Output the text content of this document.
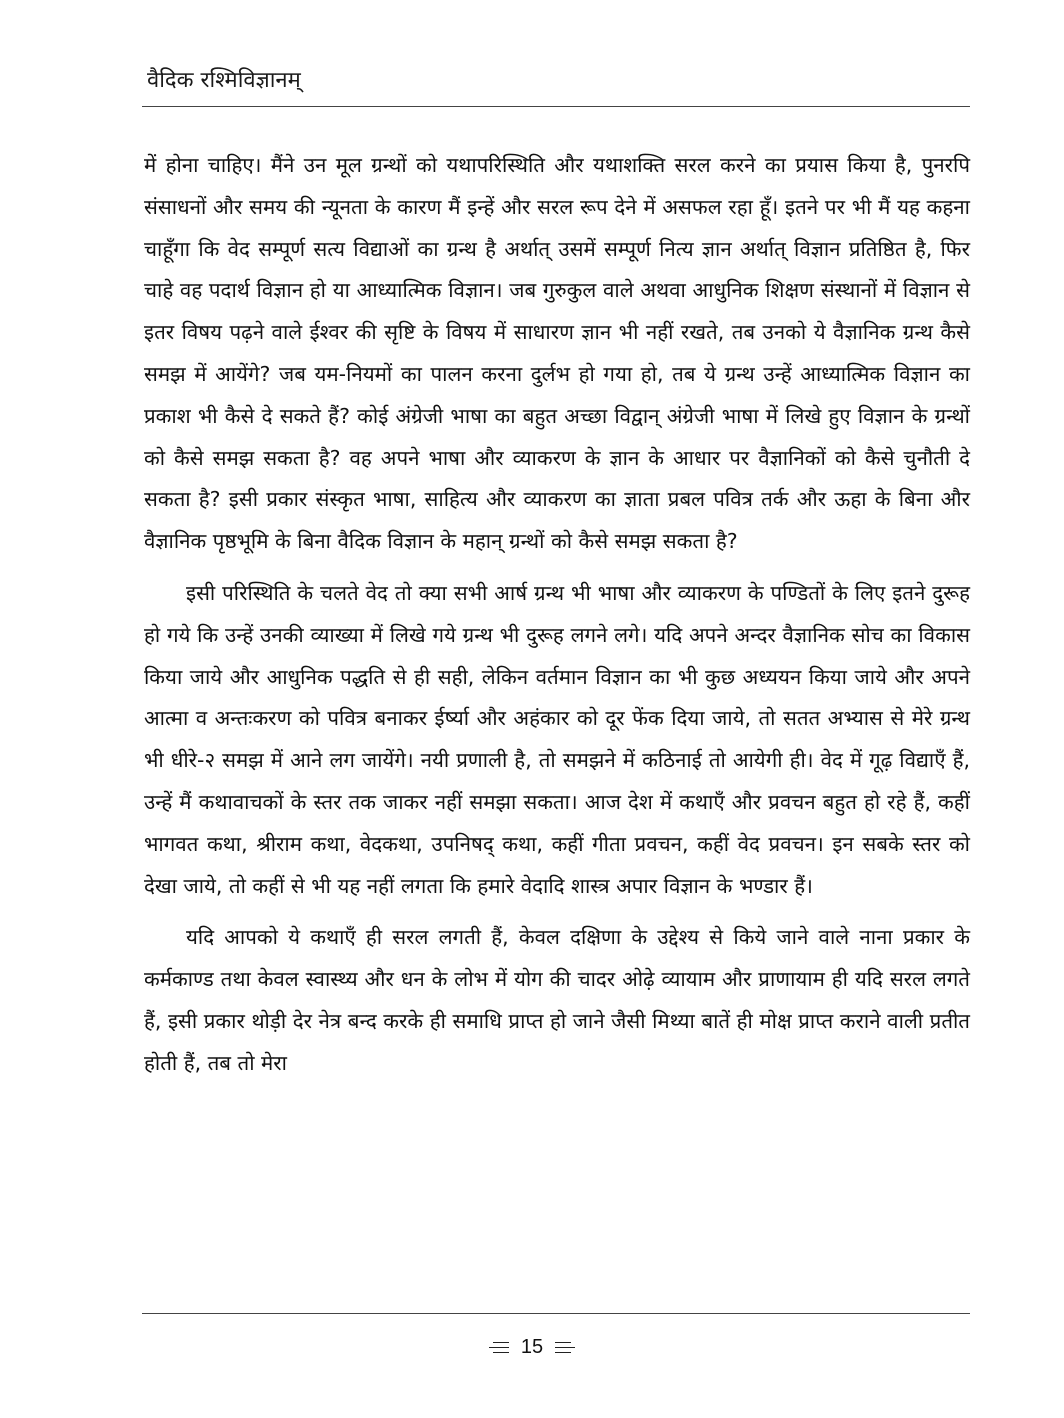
वैदिक रश्मिविज्ञानम्

में होना चाहिए। मैंने उन मूल ग्रन्थों को यथापरिस्थिति और यथाशक्ति सरल करने का प्रयास किया है, पुनरपि संसाधनों और समय की न्यूनता के कारण मैं इन्हें और सरल रूप देने में असफल रहा हूँ। इतने पर भी मैं यह कहना चाहूँगा कि वेद सम्पूर्ण सत्य विद्याओं का ग्रन्थ है अर्थात् उसमें सम्पूर्ण नित्य ज्ञान अर्थात् विज्ञान प्रतिष्ठित है, फिर चाहे वह पदार्थ विज्ञान हो या आध्यात्मिक विज्ञान। जब गुरुकुल वाले अथवा आधुनिक शिक्षण संस्थानों में विज्ञान से इतर विषय पढ़ने वाले ईश्वर की सृष्टि के विषय में साधारण ज्ञान भी नहीं रखते, तब उनको ये वैज्ञानिक ग्रन्थ कैसे समझ में आयेंगे? जब यम-नियमों का पालन करना दुर्लभ हो गया हो, तब ये ग्रन्थ उन्हें आध्यात्मिक विज्ञान का प्रकाश भी कैसे दे सकते हैं? कोई अंग्रेजी भाषा का बहुत अच्छा विद्वान् अंग्रेजी भाषा में लिखे हुए विज्ञान के ग्रन्थों को कैसे समझ सकता है? वह अपने भाषा और व्याकरण के ज्ञान के आधार पर वैज्ञानिकों को कैसे चुनौती दे सकता है? इसी प्रकार संस्कृत भाषा, साहित्य और व्याकरण का ज्ञाता प्रबल पवित्र तर्क और ऊहा के बिना और वैज्ञानिक पृष्ठभूमि के बिना वैदिक विज्ञान के महान् ग्रन्थों को कैसे समझ सकता है?

इसी परिस्थिति के चलते वेद तो क्या सभी आर्ष ग्रन्थ भी भाषा और व्याकरण के पण्डितों के लिए इतने दुरूह हो गये कि उन्हें उनकी व्याख्या में लिखे गये ग्रन्थ भी दुरूह लगने लगे। यदि अपने अन्दर वैज्ञानिक सोच का विकास किया जाये और आधुनिक पद्धति से ही सही, लेकिन वर्तमान विज्ञान का भी कुछ अध्ययन किया जाये और अपने आत्मा व अन्तःकरण को पवित्र बनाकर ईर्ष्या और अहंकार को दूर फेंक दिया जाये, तो सतत अभ्यास से मेरे ग्रन्थ भी धीरे-२ समझ में आने लग जायेंगे। नयी प्रणाली है, तो समझने में कठिनाई तो आयेगी ही। वेद में गूढ़ विद्याएँ हैं, उन्हें मैं कथावाचकों के स्तर तक जाकर नहीं समझा सकता। आज देश में कथाएँ और प्रवचन बहुत हो रहे हैं, कहीं भागवत कथा, श्रीराम कथा, वेदकथा, उपनिषद् कथा, कहीं गीता प्रवचन, कहीं वेद प्रवचन। इन सबके स्तर को देखा जाये, तो कहीं से भी यह नहीं लगता कि हमारे वेदादि शास्त्र अपार विज्ञान के भण्डार हैं।

यदि आपको ये कथाएँ ही सरल लगती हैं, केवल दक्षिणा के उद्देश्य से किये जाने वाले नाना प्रकार के कर्मकाण्ड तथा केवल स्वास्थ्य और धन के लोभ में योग की चादर ओढ़े व्यायाम और प्राणायाम ही यदि सरल लगते हैं, इसी प्रकार थोड़ी देर नेत्र बन्द करके ही समाधि प्राप्त हो जाने जैसी मिथ्या बातें ही मोक्ष प्राप्त कराने वाली प्रतीत होती हैं, तब तो मेरा

15
